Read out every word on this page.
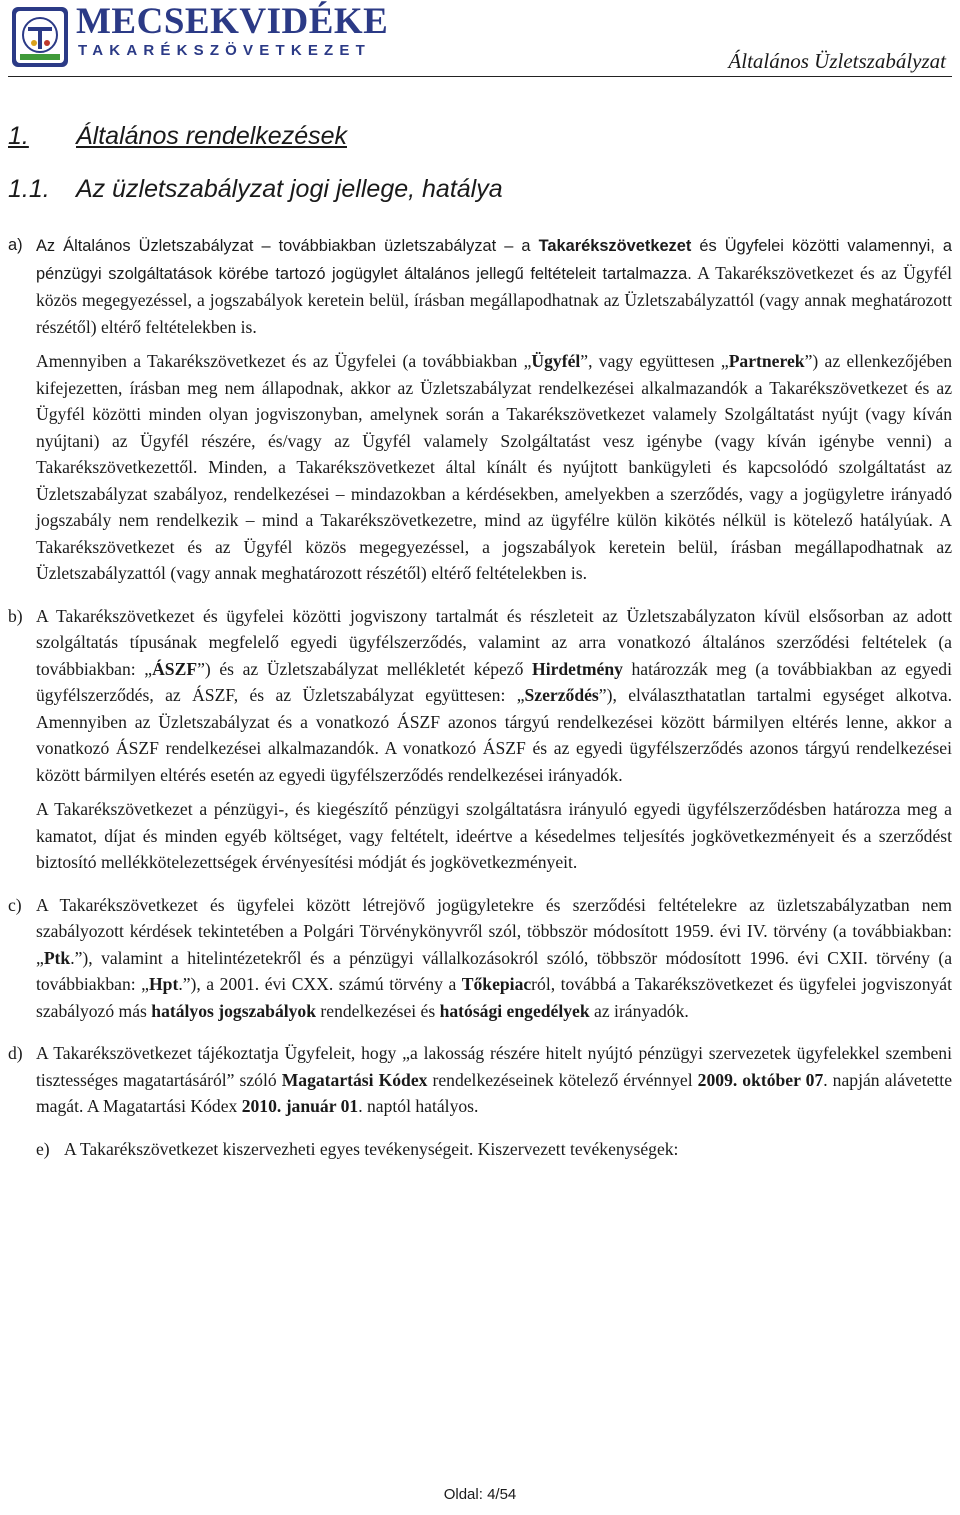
MECSEKVIDÉKE
TAKARÉKSZÖVETKEZET	Általános Üzletszabályzat
1. Általános rendelkezések
1.1. Az üzletszabályzat jogi jellege, hatálya
a) Az Általános Üzletszabályzat – továbbiakban üzletszabályzat – a Takarékszövetkezet és Ügyfelei közötti valamennyi, a pénzügyi szolgáltatások körébe tartozó jogügylet általános jellegű feltételeit tartalmazza. A Takarékszövetkezet és az Ügyfél közös megegyezéssel, a jogszabályok keretein belül, írásban megállapodhatnak az Üzletszabályzattól (vagy annak meghatározott részétől) eltérő feltételekben is.

Amennyiben a Takarékszövetkezet és az Ügyfelei (a továbbiakban „Ügyfél”, vagy együttesen „Partnerek”) az ellenkezőjében kifejezetten, írásban meg nem állapodnak, akkor az Üzletszabályzat rendelkezései alkalmazandók a Takarékszövetkezet és az Ügyfél közötti minden olyan jogviszonyban, amelynek során a Takarékszövetkezet valamely Szolgáltatást nyújt (vagy kíván nyújtani) az Ügyfél részére, és/vagy az Ügyfél valamely Szolgáltatást vesz igénybe (vagy kíván igénybe venni) a Takarékszövetkezettől. Minden, a Takarékszövetkezet által kínált és nyújtott bankügyleti és kapcsolódó szolgáltatást az Üzletszabályzat szabályoz, rendelkezései – mindazokban a kérdésekben, amelyekben a szerződés, vagy a jogügyletre irányadó jogszabály nem rendelkezik – mind a Takarékszövetkezetre, mind az ügyfélre külön kikötés nélkül is kötelező hatályúak. A Takarékszövetkezet és az Ügyfél közös megegyezéssel, a jogszabályok keretein belül, írásban megállapodhatnak az Üzletszabályzattól (vagy annak meghatározott részétől) eltérő feltételekben is.

b) A Takarékszövetkezet és ügyfelei közötti jogviszony tartalmát és részleteit az Üzletszabályzaton kívül elsősorban az adott szolgáltatás típusának megfelelő egyedi ügyfélszerződés, valamint az arra vonatkozó általános szerződési feltételek (a továbbiakban: „ÁSZF”) és az Üzletszabályzat mellékletét képező Hirdetmény határozzák meg (a továbbiakban az egyedi ügyfélszerződés, az ÁSZF, és az Üzletszabályzat együttesen: „Szerződés”), elválaszthatatlan tartalmi egységet alkotva. Amennyiben az Üzletszabályzat és a vonatkozó ÁSZF azonos tárgyú rendelkezései között bármilyen eltérés lenne, akkor a vonatkozó ÁSZF rendelkezései alkalmazandók. A vonatkozó ÁSZF és az egyedi ügyfélszerződés azonos tárgyú rendelkezései között bármilyen eltérés esetén az egyedi ügyfélszerződés rendelkezései irányadók.

A Takarékszövetkezet a pénzügyi-, és kiegészítő pénzügyi szolgáltatásra irányuló egyedi ügyfélszerződésben határozza meg a kamatot, díjat és minden egyéb költséget, vagy feltételt, ideértve a késedelmes teljesítés jogkövetkezményeit és a szerződést biztosító mellékkötelezettségek érvényesítési módját és jogkövetkezményeit.

c) A Takarékszövetkezet és ügyfelei között létrejövő jogügyletekre és szerződési feltételekre az üzletszabályzatban nem szabályozott kérdések tekintetében a Polgári Törvénykönyvről szól, többször módosított 1959. évi IV. törvény (a továbbiakban: „Ptk.”), valamint a hitelintézetekről és a pénzügyi vállalkozásokról szóló, többször módosított 1996. évi CXII. törvény (a továbbiakban: „Hpt.”), a 2001. évi CXX. számú törvény a Tőkepiacról, továbbá a Takarékszövetkezet és ügyfelei jogviszonyát szabályozó más hatályos jogszabályok rendelkezései és hatósági engedélyek az irányadók.

d) A Takarékszövetkezet tájékoztatja Ügyfeleit, hogy „a lakosság részére hitelt nyújtó pénzügyi szervezetek ügyfelekkel szembeni tisztességes magatartásáról” szóló Magatartási Kódex rendelkezéseinek kötelező érvénnyel 2009. október 07. napján alávetette magát. A Magatartási Kódex 2010. január 01. naptól hatályos.

e) A Takarékszövetkezet kiszervezheti egyes tevékenységeit. Kiszervezett tevékenységek:
Oldal: 4/54
